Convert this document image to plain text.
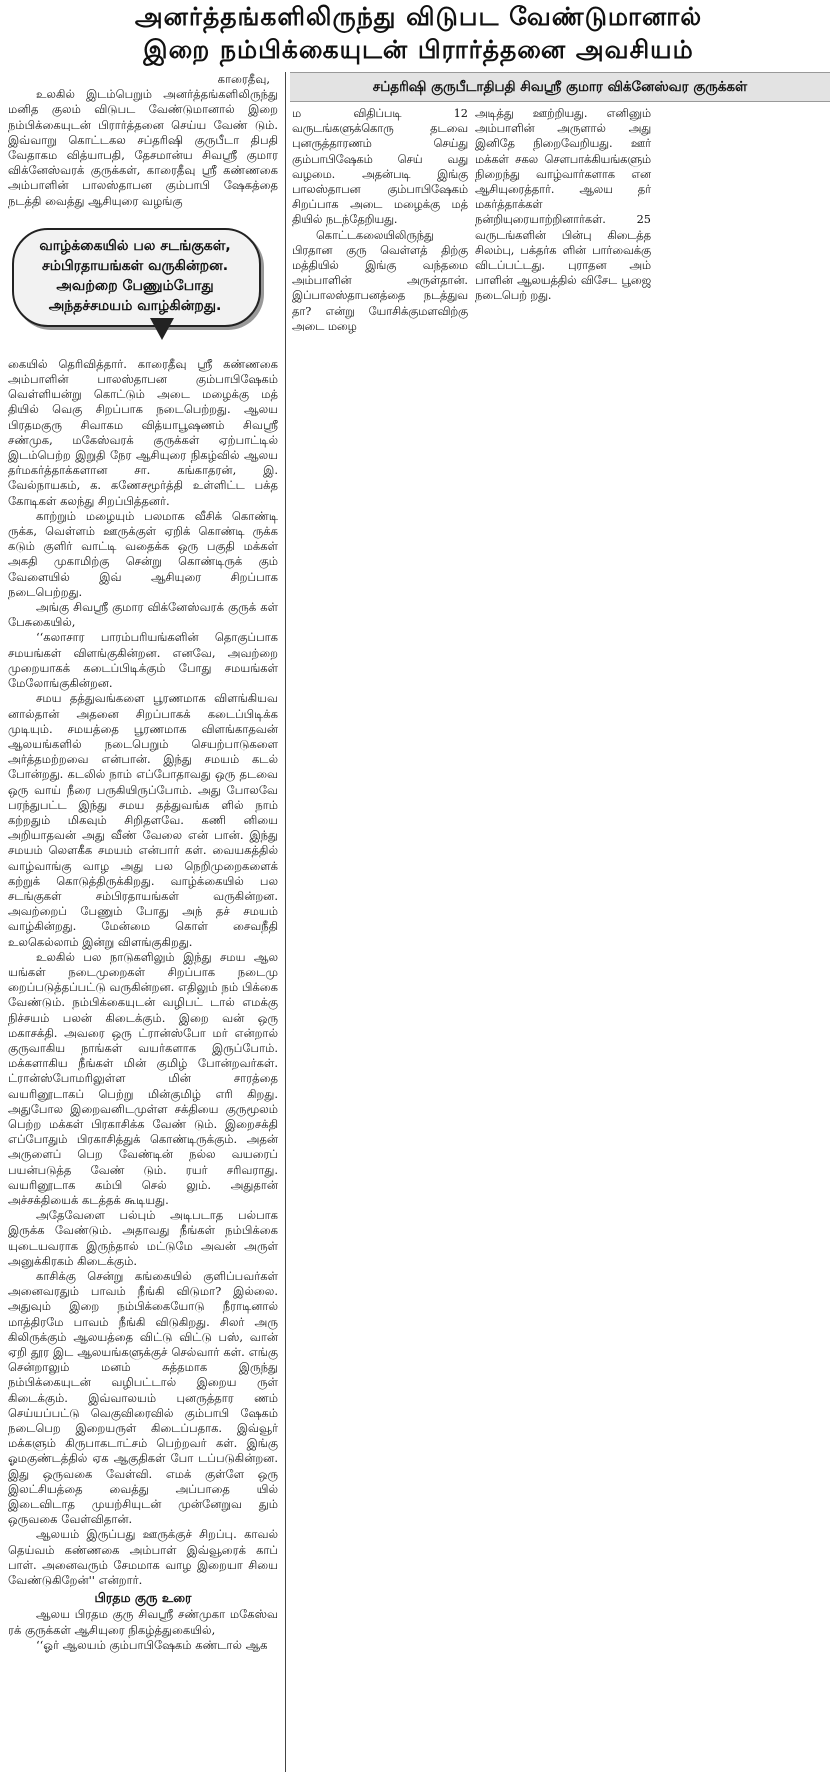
அனர்த்தங்களிலிருந்து விடுபட வேண்டுமானால்
இறை நம்பிக்கையுடன் பிரார்த்தனை அவசியம்

காரைதீவு,

உலகில் இடம்பெறும் அனர்த்தங்களிலிருந்து மனித குலம் விடுபட வேண்டுமானால் இறை நம்பிக்கையுடன் பிரார்த்தனை செய்ய வேண் டும். இவ்வாறு கொட்டகல சப்தரிஷி குருபீடா திபதி வேதாகம வித்யாபதி, தேசமான்ய சிவஸ்ரீ குமார விக்னேஸ்வரக் குருக்கள், காரைதீவு ஸ்ரீ கண்ணகை அம்பாளின் பாலஸ்தாபன கும்பாபி ஷேகத்தை நடத்தி வைத்து ஆசியுரை வழங்கு

கையில் தெரிவித்தார். காரைதீவு ஸ்ரீ கண்ணகை அம்பாளின் பாலஸ்தாபன கும்பாபிஷேகம் வெள்ளியன்று கொட்டும் அடை மழைக்கு மத் தியில் வெகு சிறப்பாக நடைபெற்றது. ஆலய பிரதமகுரு சிவாகம வித்யாபூஷணம் சிவஸ்ரீ சண்முக, மகேஸ்வரக் குருக்கள் ஏற்பாட்டில் இடம்பெற்ற இறுதி நேர ஆசியுரை நிகழ்வில் ஆலய தர்மகர்த்தாக்களான சா. கங்காதரன், இ. வேல்நாயகம், க. கணேசமூர்த்தி உள்ளிட்ட பக்த கோடிகள் கலந்து சிறப்பித்தனர்.

காற்றும் மழையும் பலமாக வீசிக் கொண்டி ருக்க, வெள்ளம் ஊருக்குள் ஏறிக் கொண்டி ருக்க கடும் குளிர் வாட்டி வதைக்க ஒரு பகுதி மக்கள் அகதி முகாமிற்கு சென்று கொண்டிருக் கும் வேளையில் இவ் ஆசியுரை சிறப்பாக நடைபெற்றது.

அங்கு சிவஸ்ரீ குமார விக்னேஸ்வரக் குருக் கள் பேசுகையில்,

‘‘கலாசார பாரம்பரியங்களின் தொகுப்பாக சமயங்கள் விளங்குகின்றன. எனவே, அவற்றை முறையாகக் கடைப்பிடிக்கும் போது சமயங்கள் மேலோங்குகின்றன.

சமய தத்துவங்களை பூரணமாக விளங்கியவ னால்தான் அதனை சிறப்பாகக் கடைப்பிடிக்க முடியும். சமயத்தை பூரணமாக விளங்காதவன் ஆலயங்களில் நடைபெறும் செயற்பாடுகளை அர்த்தமற்றவை என்பான். இந்து சமயம் கடல் போன்றது. கடலில் நாம் எப்போதாவது ஒரு தடவை ஒரு வாய் நீரை பருகியிருப்போம். அது போலவே பரந்துபட்ட இந்து சமய தத்துவங்க ளில் நாம் கற்றதும் மிகவும் சிறிதளவே. கணி னியை அறியாதவன் அது வீண் வேலை என் பான். இந்து சமயம் லௌகீக சமயம் என்பார் கள். வையகத்தில் வாழ்வாங்கு வாழ அது பல நெறிமுறைகளைக் கற்றுக் கொடுத்திருக்கிறது. வாழ்க்கையில் பல சடங்குகள் சம்பிரதாயங்கள் வருகின்றன. அவற்றைப் பேணும் போது அந் தச் சமயம் வாழ்கின்றது. மேன்மை கொள் சைவநீதி உலகெல்லாம் இன்று விளங்குகிறது.

உலகில் பல நாடுகளிலும் இந்து சமய ஆல யங்கள் நடைமுறைகள் சிறப்பாக நடைமு றைப்படுத்தப்பட்டு வருகின்றன. எதிலும் நம் பிக்கை வேண்டும். நம்பிக்கையுடன் வழிபட் டால் எமக்கு நிச்சயம் பலன் கிடைக்கும். இறை வன் ஒரு மகாசக்தி. அவரை ஒரு ட்ரான்ஸ்போ மர் என்றால் குருவாகிய நாங்கள் வயர்களாக இருப்போம். மக்களாகிய நீங்கள் மின் குமிழ் போன்றவர்கள். ட்ரான்ஸ்போமரிலுள்ள மின் சாரத்தை வயரினூடாகப் பெற்று மின்குமிழ் எரி கிறது. அதுபோல இறைவனிடமுள்ள சக்தியை குருமூலம் பெற்ற மக்கள் பிரகாசிக்க வேண் டும். இறைசக்தி எப்போதும் பிரகாசித்துக் கொண்டிருக்கும். அதன் அருளைப் பெற வேண்டின் நல்ல வயரைப் பயன்படுத்த வேண் டும். ரயர் சரிவராது. வயரினூடாக கம்பி செல் லும். அதுதான் அச்சக்தியைக் கடத்தக் கூடியது.

அதேவேளை பல்பும் அடிபடாத பல்பாக இருக்க வேண்டும். அதாவது நீங்கள் நம்பிக்கை யுடையவராக இருந்தால் மட்டுமே அவன் அருள் அனுக்கிரகம் கிடைக்கும்.

காசிக்கு சென்று கங்கையில் குளிப்பவர்கள் அனைவரதும் பாவம் நீங்கி விடுமா? இல்லை. அதுவும் இறை நம்பிக்கையோடு நீராடினால் மாத்திரமே பாவம் நீங்கி விடுகிறது. சிலர் அரு கிலிருக்கும் ஆலயத்தை விட்டு விட்டு பஸ், வான் ஏறி தூர இட ஆலயங்களுக்குச் செல்வார் கள். எங்கு சென்றாலும் மனம் சுத்தமாக இருந்து நம்பிக்கையுடன் வழிபட்டால் இறைய ருள் கிடைக்கும். இவ்வாலயம் புனருத்தார ணம் செய்யப்பட்டு வெகுவிரைவில் கும்பாபி ஷேகம் நடைபெற இறையருள் கிடைப்பதாக. இவ்வூர் மக்களும் கிருபாகடாட்சம் பெற்றவர் கள். இங்கு ஓமகுண்டத்தில் ஏக ஆகுதிகள் போ டப்படுகின்றன. இது ஒருவகை வேள்வி. எமக் குள்ளே ஒரு இலட்சியத்தை வைத்து அப்பாதை யில் இடைவிடாத முயற்சியுடன் முன்னேறுவ தும் ஒருவகை வேள்விதான்.

ஆலயம் இருப்பது ஊருக்குச் சிறப்பு. காவல் தெய்வம் கண்ணகை அம்பாள் இவ்வூரைக் காப் பாள். அனைவரும் சேமமாக வாழ இறையா சியை வேண்டுகிறேன்'' என்றார்.

பிரதம குரு உரை

ஆலய பிரதம குரு சிவஸ்ரீ சண்முகா மகேஸ்வ ரக் குருக்கள் ஆசியுரை நிகழ்த்துகையில்,

‘‘ஓர் ஆலயம் கும்பாபிஷேகம் கண்டால் ஆக

வாழ்க்கையில் பல சடங்குகள்,
சம்பிரதாயங்கள் வருகின்றன.
அவற்றை பேணும்போது
அந்தச்சமயம் வாழ்கின்றது.
சப்தரிஷி குருபீடாதிபதி சிவஸ்ரீ குமார விக்னேஸ்வர குருக்கள்

ம விதிப்படி 12 வருடங்களுக்கொரு தடவை புனருத்தாரணம் செய்து கும்பாபிஷேகம் செய் வது வழமை. அதன்படி இங்கு பாலஸ்தாபன கும்பாபிஷேகம் சிறப்பாக அடை மழைக்கு மத் தியில் நடந்தேறியது.

கொட்டகலையிலிருந்து பிரதான குரு வெள்ளத் திற்கு மத்தியில் இங்கு வந்தமை அம்பாளின் அருள்தான். இப்பாலஸ்தாபனத்தை நடத்துவ தா? என்று யோசிக்குமளவிற்கு அடை மழை

அடித்து ஊற்றியது. எனினும் அம்பாளின் அருளால் அது இனிதே நிறைவேறியது. ஊர் மக்கள் சகல சௌபாக்கியங்களும் நிறைந்து வாழ்வார்களாக என ஆசியுரைத்தார். ஆலய தர் மகர்த்தாக்கள் நன்றியுரையாற்றினார்கள். 25 வருடங்களின் பின்பு கிடைத்த சிலம்பு, பக்தர்க ளின் பார்வைக்கு விடப்பட்டது. புராதன அம் பாளின் ஆலயத்தில் விசேட பூஜை நடைபெற் றது.
